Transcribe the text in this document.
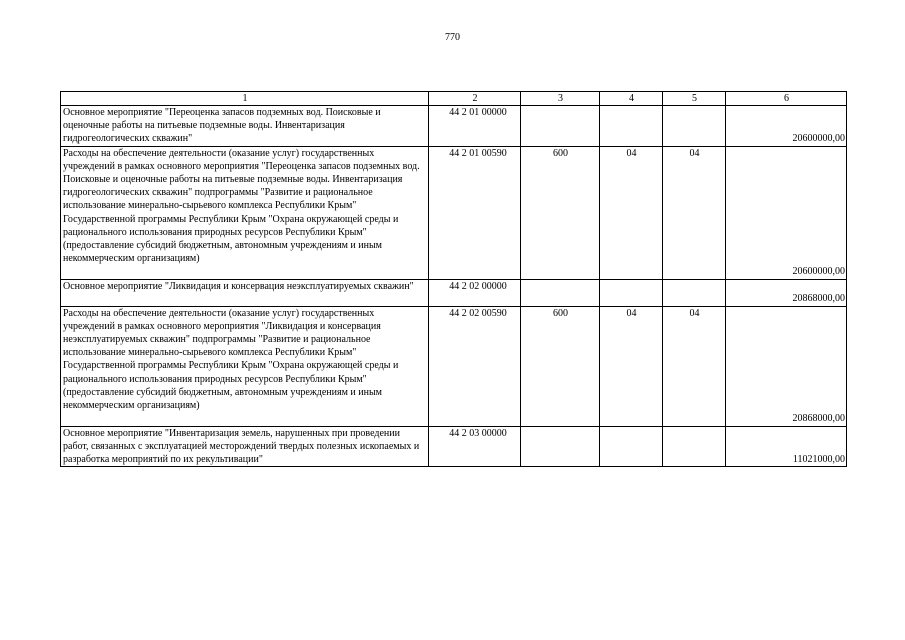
770
1	2	3	4	5	6
Основное мероприятие "Переоценка запасов подземных вод. Поисковые и оценочные работы на питьевые подземные воды. Инвентаризация гидрогеологических скважин"	44 2 01 00000				20600000,00
Расходы на обеспечение деятельности (оказание услуг) государственных учреждений в рамках основного мероприятия "Переоценка запасов подземных вод. Поисковые и оценочные работы на питьевые подземные воды. Инвентаризация гидрогеологических скважин" подпрограммы "Развитие и рациональное использование минерально-сырьевого комплекса Республики Крым" Государственной программы Республики Крым "Охрана окружающей среды и рационального использования природных ресурсов Республики Крым" (предоставление субсидий бюджетным, автономным учреждениям и иным некоммерческим организациям)	44 2 01 00590	600	04	04	20600000,00
Основное мероприятие "Ликвидация и консервация неэксплуатируемых скважин"	44 2 02 00000				20868000,00
Расходы на обеспечение деятельности (оказание услуг) государственных учреждений в рамках основного мероприятия "Ликвидация и консервация неэксплуатируемых скважин" подпрограммы "Развитие и рациональное использование минерально-сырьевого комплекса Республики Крым" Государственной программы Республики Крым "Охрана окружающей среды и рационального использования природных ресурсов Республики Крым" (предоставление субсидий бюджетным, автономным учреждениям и иным некоммерческим организациям)	44 2 02 00590	600	04	04	20868000,00
Основное мероприятие "Инвентаризация земель, нарушенных при проведении работ, связанных с эксплуатацией месторождений твердых полезных ископаемых и разработка мероприятий по их рекультивации"	44 2 03 00000				11021000,00
